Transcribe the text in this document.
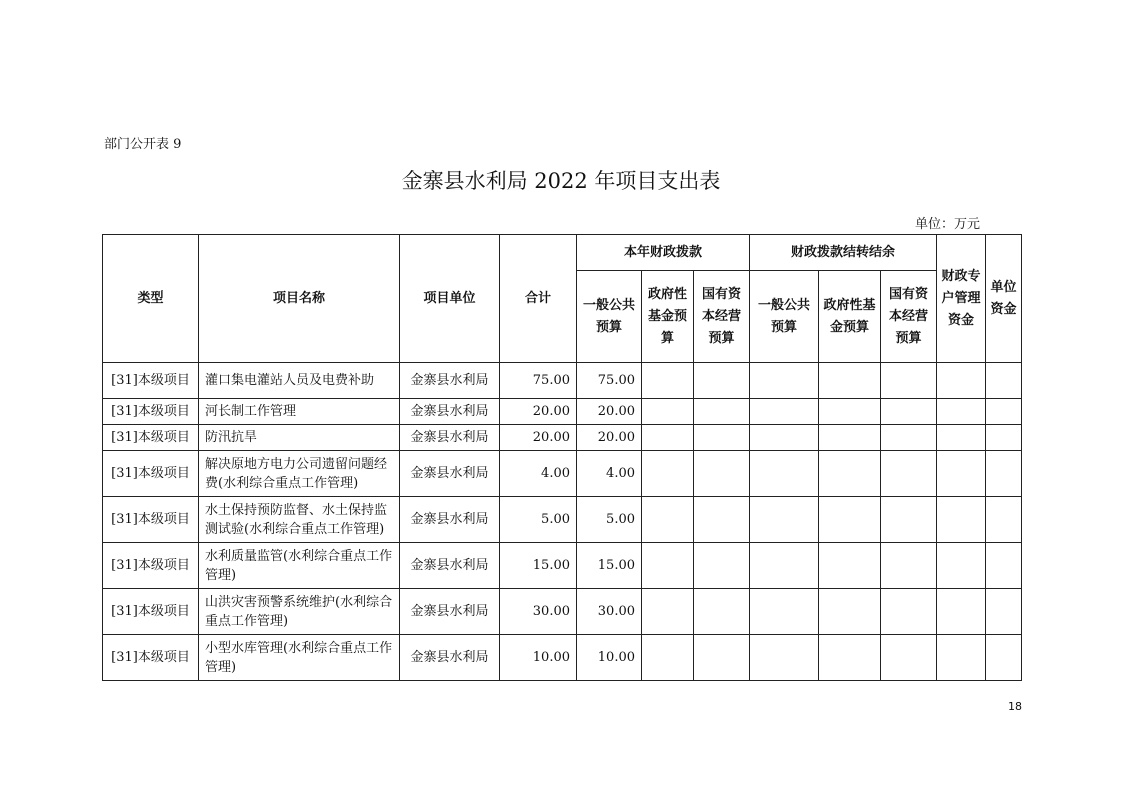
部门公开表 9
金寨县水利局 2022 年项目支出表
单位：万元
类型	项目名称	项目单位	合计	本年财政拨款			财政拨款结转结余			财政专户管理资金	单位资金
				一般公共预算	政府性基金预算	国有资本经营预算	一般公共预算	政府性基金预算	国有资本经营预算		
[31]本级项目	灌口集电灌站人员及电费补助	金寨县水利局	75.00	75.00							
[31]本级项目	河长制工作管理	金寨县水利局	20.00	20.00							
[31]本级项目	防汛抗旱	金寨县水利局	20.00	20.00							
[31]本级项目	解决原地方电力公司遗留问题经费(水利综合重点工作管理)	金寨县水利局	4.00	4.00							
[31]本级项目	水土保持预防监督、水土保持监测试验(水利综合重点工作管理)	金寨县水利局	5.00	5.00							
[31]本级项目	水利质量监管(水利综合重点工作管理)	金寨县水利局	15.00	15.00							
[31]本级项目	山洪灾害预警系统维护(水利综合重点工作管理)	金寨县水利局	30.00	30.00							
[31]本级项目	小型水库管理(水利综合重点工作管理)	金寨县水利局	10.00	10.00							
18
